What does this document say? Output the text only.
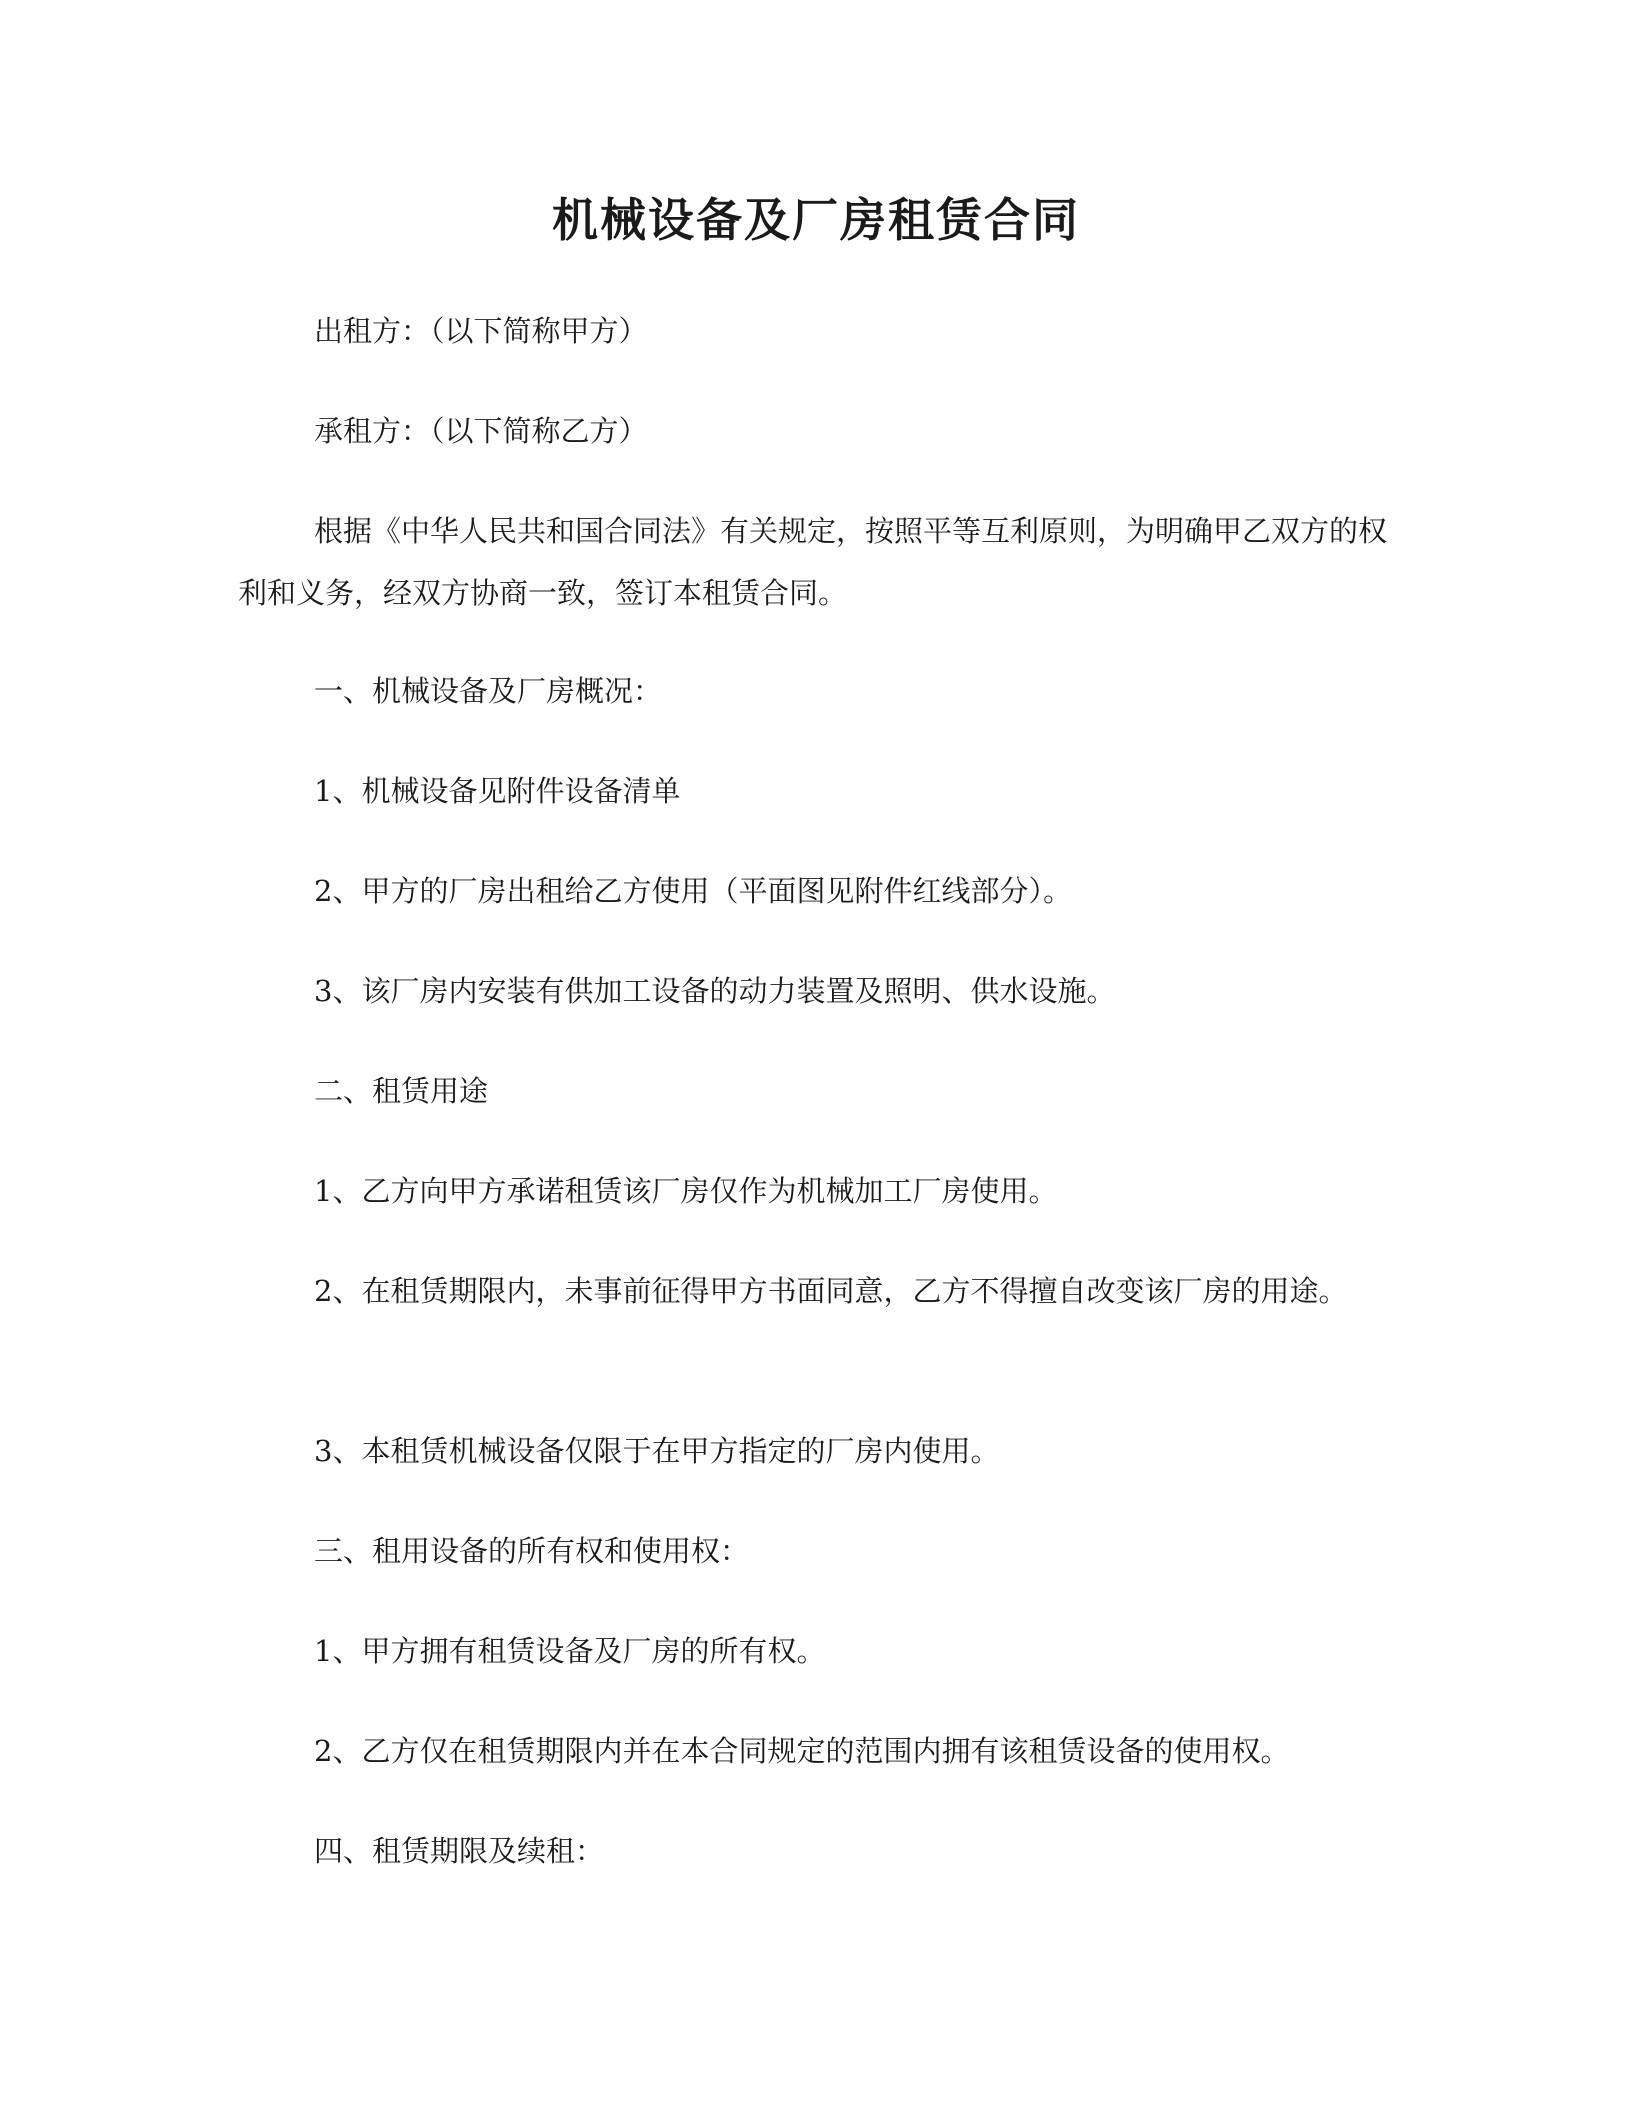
机械设备及厂房租赁合同
出租方：（以下简称甲方）
承租方：（以下简称乙方）
根据《中华人民共和国合同法》有关规定，按照平等互利原则，为明确甲乙双方的权利和义务，经双方协商一致，签订本租赁合同。
一、机械设备及厂房概况：
1、机械设备见附件设备清单
2、甲方的厂房出租给乙方使用（平面图见附件红线部分）。
3、该厂房内安装有供加工设备的动力装置及照明、供水设施。
二、租赁用途
1、乙方向甲方承诺租赁该厂房仅作为机械加工厂房使用。
2、在租赁期限内，未事前征得甲方书面同意，乙方不得擅自改变该厂房的用途。
3、本租赁机械设备仅限于在甲方指定的厂房内使用。
三、租用设备的所有权和使用权：
1、甲方拥有租赁设备及厂房的所有权。
2、乙方仅在租赁期限内并在本合同规定的范围内拥有该租赁设备的使用权。
四、租赁期限及续租：
